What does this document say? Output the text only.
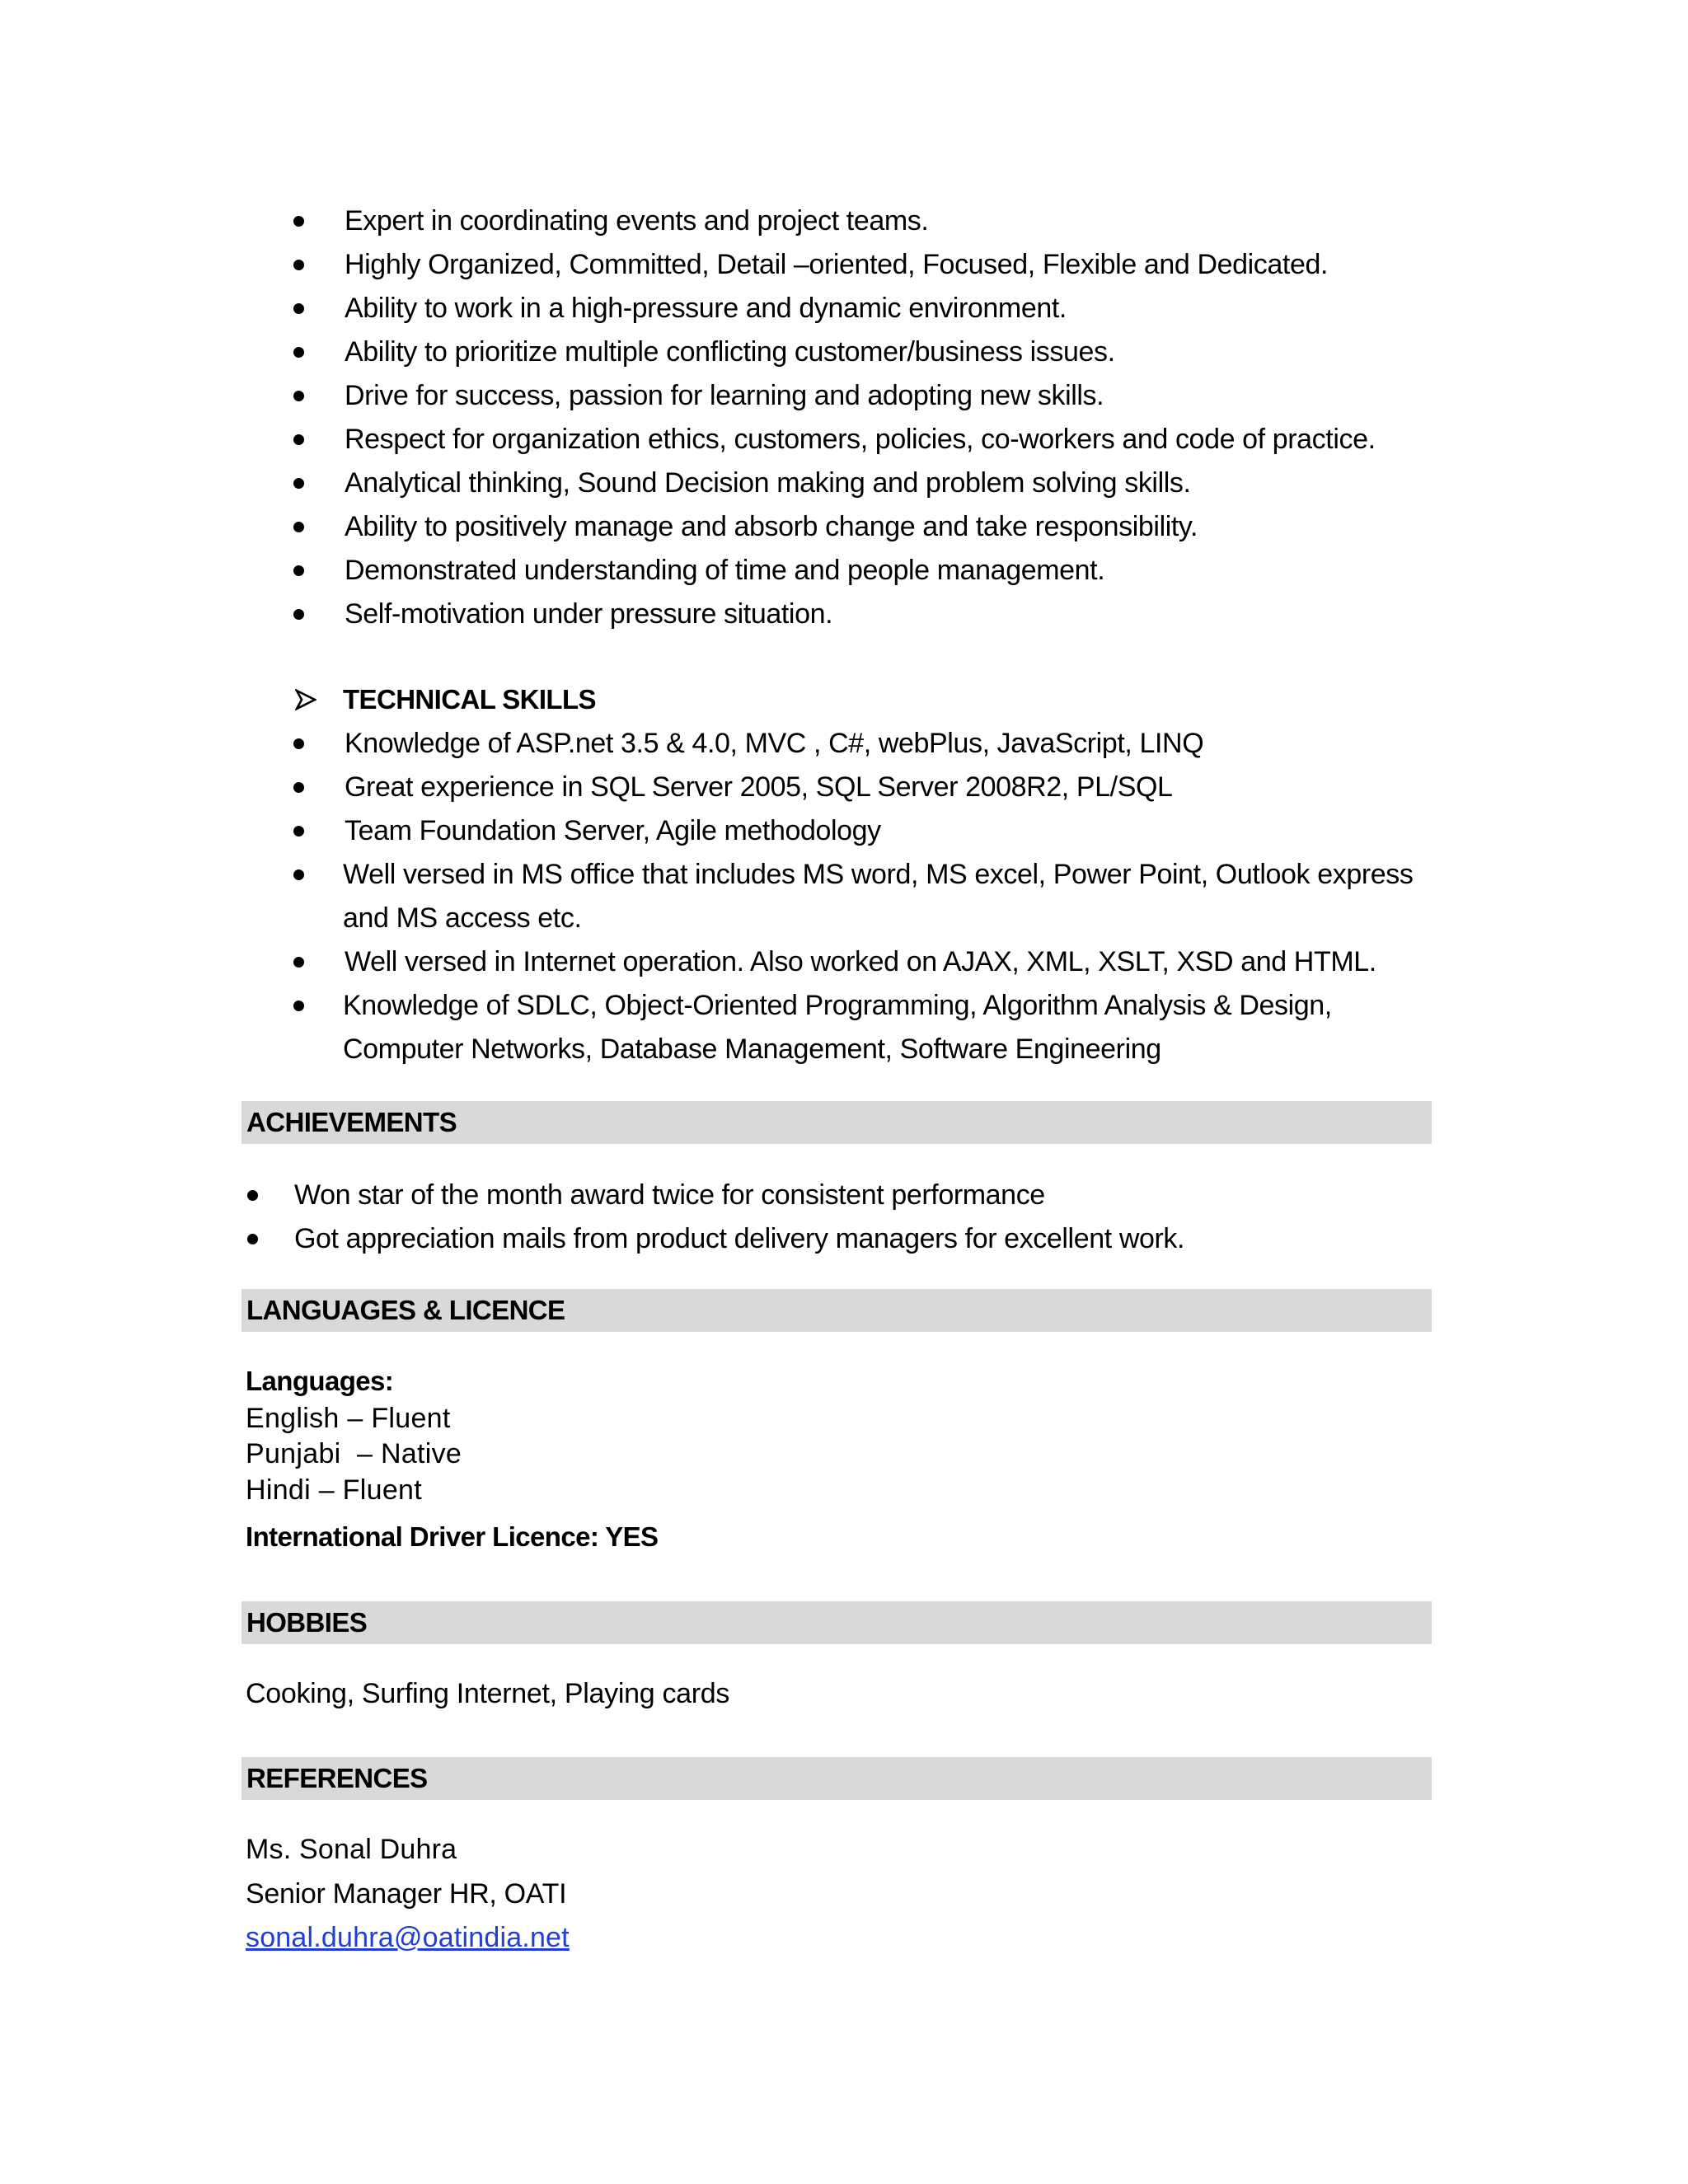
Expert in coordinating events and project teams.
Highly Organized, Committed, Detail –oriented, Focused, Flexible and Dedicated.
Ability to work in a high-pressure and dynamic environment.
Ability to prioritize multiple conflicting customer/business issues.
Drive for success, passion for learning and adopting new skills.
Respect for organization ethics, customers, policies, co-workers and code of practice.
Analytical thinking, Sound Decision making and problem solving skills.
Ability to positively manage and absorb change and take responsibility.
Demonstrated understanding of time and people management.
Self-motivation under pressure situation.
TECHNICAL SKILLS
Knowledge of ASP.net 3.5 & 4.0, MVC , C#, webPlus, JavaScript, LINQ
Great experience in SQL Server 2005, SQL Server 2008R2, PL/SQL
Team Foundation Server, Agile methodology
Well versed in MS office that includes MS word, MS excel, Power Point, Outlook express and MS access etc.
Well versed in Internet operation. Also worked on AJAX, XML, XSLT, XSD and HTML.
Knowledge of SDLC, Object-Oriented Programming, Algorithm Analysis & Design, Computer Networks, Database Management, Software Engineering
ACHIEVEMENTS
Won star of the month award twice for consistent performance
Got appreciation mails from product delivery managers for excellent work.
LANGUAGES & LICENCE
Languages:
English – Fluent
Punjabi  – Native
Hindi – Fluent
International Driver Licence: YES
HOBBIES
Cooking, Surfing Internet, Playing cards
REFERENCES
Ms. Sonal Duhra
Senior Manager HR, OATI
sonal.duhra@oatindia.net
